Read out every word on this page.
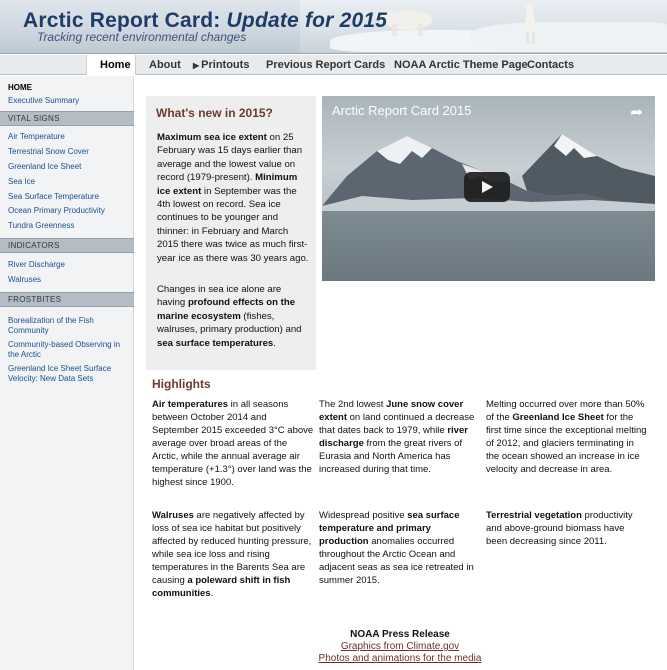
Arctic Report Card: Update for 2015
Tracking recent environmental changes
Home About ▶ Printouts Previous Report Cards NOAA Arctic Theme Page Contacts
HOME
Executive Summary
VITAL SIGNS
Air Temperature
Terrestrial Snow Cover
Greenland Ice Sheet
Sea Ice
Sea Surface Temperature
Ocean Primary Productivity
Tundra Greenness
INDICATORS
River Discharge
Walruses
FROSTBITES
Borealization of the Fish Community
Community-based Observing in the Arctic
Greenland Ice Sheet Surface Velocity: New Data Sets
What's new in 2015?
Maximum sea ice extent on 25 February was 15 days earlier than average and the lowest value on record (1979-present). Minimum ice extent in September was the 4th lowest on record. Sea ice continues to be younger and thinner: in February and March 2015 there was twice as much first-year ice as there was 30 years ago.
Changes in sea ice alone are having profound effects on the marine ecosystem (fishes, walruses, primary production) and sea surface temperatures.
Arctic Report Card 2015	➦
Highlights
Air temperatures in all seasons between October 2014 and September 2015 exceeded 3°C above average over broad areas of the Arctic, while the annual average air temperature (+1.3°) over land was the highest since 1900.
Walruses are negatively affected by loss of sea ice habitat but positively affected by reduced hunting pressure, while sea ice loss and rising temperatures in the Barents Sea are causing a poleward shift in fish communities.
The 2nd lowest June snow cover extent on land continued a decrease that dates back to 1979, while river discharge from the great rivers of Eurasia and North America has increased during that time.
Widespread positive sea surface temperature and primary production anomalies occurred throughout the Arctic Ocean and adjacent seas as sea ice retreated in summer 2015.
Melting occurred over more than 50% of the Greenland Ice Sheet for the first time since the exceptional melting of 2012, and glaciers terminating in the ocean showed an increase in ice velocity and decrease in area.
Terrestrial vegetation productivity and above-ground biomass have been decreasing since 2011.
NOAA Press Release
Graphics from Climate.gov
Photos and animations for the media
